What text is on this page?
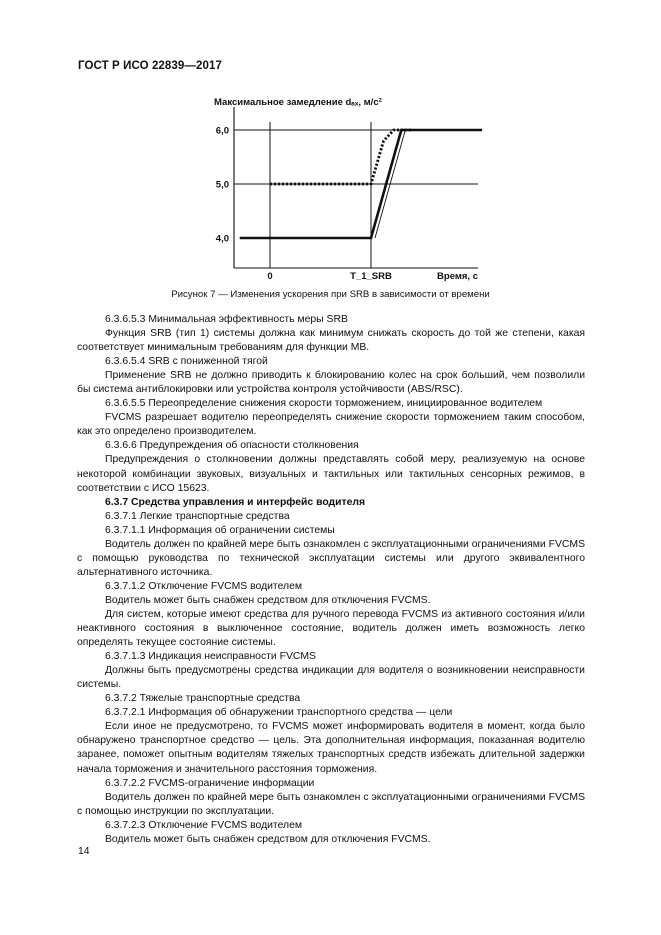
ГОСТ Р ИСО 22839—2017
6,0
5,0
4,0
0	T_1_SRB	Время, с
Максимальное замедление dₐₓ, м/с²
Рисунок 7 — Изменения ускорения при SRB в зависимости от времени

6.3.6.5.3 Минимальная эффективность меры SRB

Функция SRB (тип 1) системы должна как минимум снижать скорость до той же степени, какая соответствует минимальным требованиям для функции MB.

6.3.6.5.4 SRB с пониженной тягой

Применение SRB не должно приводить к блокированию колес на срок больший, чем позволили бы система антиблокировки или устройства контроля устойчивости (ABS/RSC).

6.3.6.5.5 Переопределение снижения скорости торможением, инициированное водителем

FVCMS разрешает водителю переопределять снижение скорости торможением таким способом, как это определено производителем.

6.3.6.6 Предупреждения об опасности столкновения

Предупреждения о столкновении должны представлять собой меру, реализуемую на основе некоторой комбинации звуковых, визуальных и тактильных или тактильных сенсорных режимов, в соответствии с ИСО 15623.

6.3.7 Средства управления и интерфейс водителя

6.3.7.1 Легкие транспортные средства

6.3.7.1.1 Информация об ограничении системы

Водитель должен по крайней мере быть ознакомлен с эксплуатационными ограничениями FVCMS с помощью руководства по технической эксплуатации системы или другого эквивалентного альтернативного источника.

6.3.7.1.2 Отключение FVCMS водителем

Водитель может быть снабжен средством для отключения FVCMS.

Для систем, которые имеют средства для ручного перевода FVCMS из активного состояния и/или неактивного состояния в выключенное состояние, водитель должен иметь возможность легко определять текущее состояние системы.

6.3.7.1.3 Индикация неисправности FVCMS

Должны быть предусмотрены средства индикации для водителя о возникновении неисправности системы.

6.3.7.2 Тяжелые транспортные средства

6.3.7.2.1 Информация об обнаружении транспортного средства — цели

Если иное не предусмотрено, то FVCMS может информировать водителя в момент, когда было обнаружено транспортное средство — цель. Эта дополнительная информация, показанная водителю заранее, поможет опытным водителям тяжелых транспортных средств избежать длительной задержки начала торможения и значительного расстояния торможения.

6.3.7.2.2 FVCMS-ограничение информации

Водитель должен по крайней мере быть ознакомлен с эксплуатационными ограничениями FVCMS с помощью инструкции по эксплуатации.

6.3.7.2.3 Отключение FVCMS водителем

Водитель может быть снабжен средством для отключения FVCMS.

14
